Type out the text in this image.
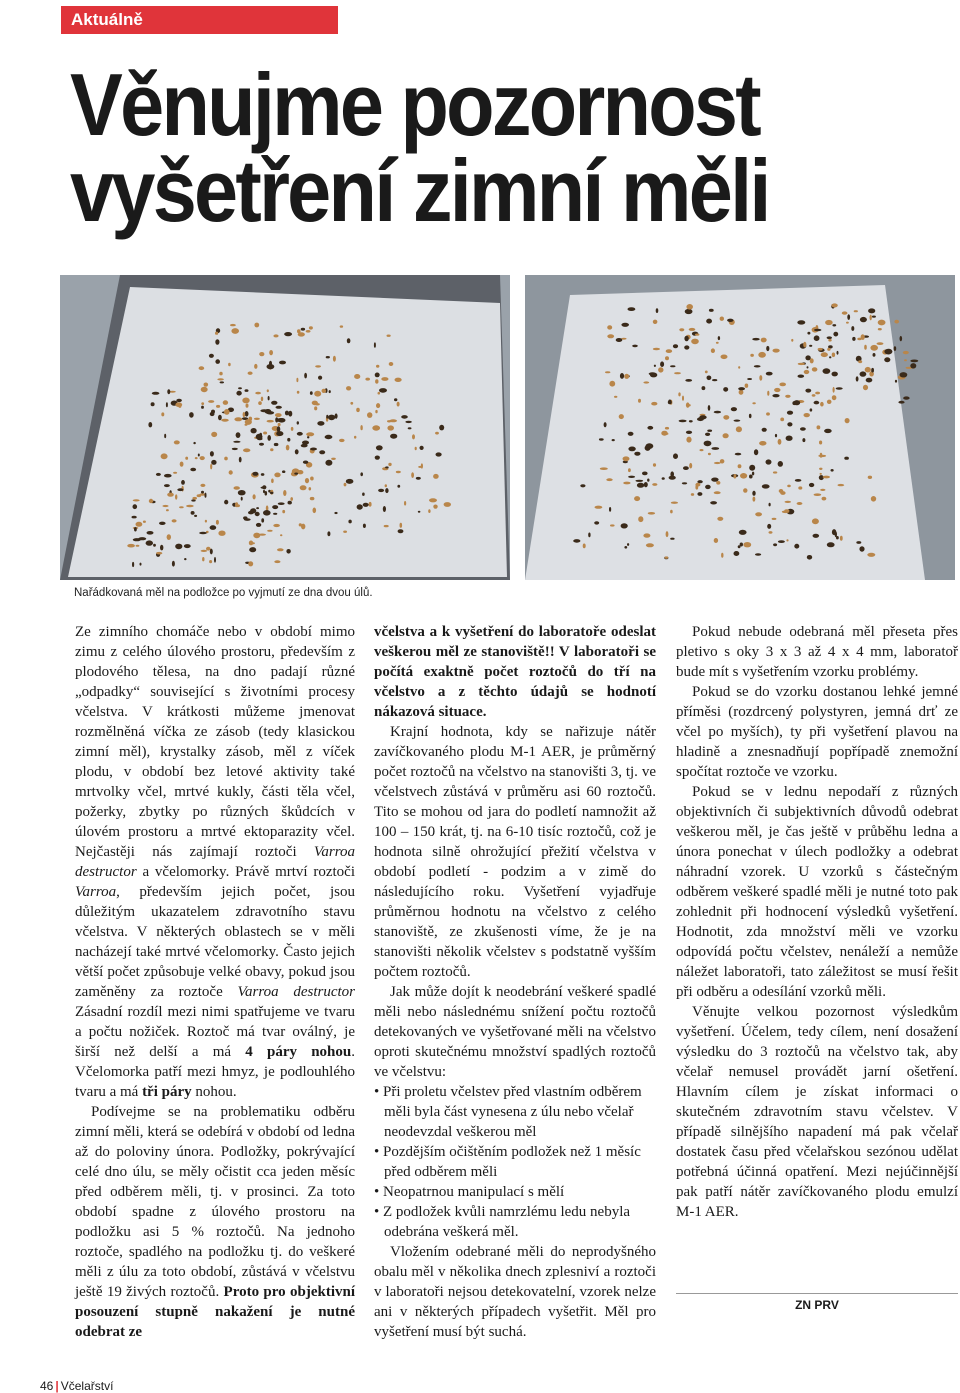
Aktuálně
Věnujme pozornost
vyšetření zimní měli
Nařádkovaná měl na podložce po vyjmutí ze dna dvou úlů.

Ze zimního chomáče nebo v období mimo zimu z celého úlového prostoru, především z plodového tělesa, na dno padají různé „odpadky“ související s životními procesy včelstva. V krátkosti můžeme jmenovat rozmělněná víčka ze zásob (tedy klasickou zimní měl), krystalky zásob, měl z víček plodu, v období bez letové aktivity také mrtvolky včel, mrtvé kukly, části těla včel, požerky, zbytky po různých škůdcích v úlovém prostoru a mrtvé ektoparazity včel. Nejčastěji nás zajímají roztoči Varroa destructor a včelomorky. Právě mrtví roztoči Varroa, především jejich počet, jsou důležitým ukazatelem zdravotního stavu včelstva. V některých oblastech se v měli nacházejí také mrtvé včelomorky. Často jejich větší počet způsobuje velké obavy, pokud jsou zaměněny za roztoče Varroa destructor Zásadní rozdíl mezi nimi spatřujeme ve tvaru a počtu nožiček. Roztoč má tvar oválný, je širší než delší a má 4 páry nohou. Včelomorka patří mezi hmyz, je podlouhlého tvaru a má tři páry nohou.

Podívejme se na problematiku odběru zimní měli, která se odebírá v období od ledna až do poloviny února. Podložky, pokrývající celé dno úlu, se měly očistit cca jeden měsíc před odběrem měli, tj. v prosinci. Za toto období spadne z úlového prostoru na podložku asi 5 % roztočů. Na jednoho roztoče, spadlého na podložku tj. do veškeré měli z úlu za toto období, zůstává v včelstvu ještě 19 živých roztočů. Proto pro objektivní posouzení stupně nakažení je nutné odebrat ze

včelstva a k vyšetření do laboratoře odeslat veškerou měl ze stanoviště!! V laboratoři se počítá exaktně počet roztočů do tří na včelstvo a z těchto údajů se hodnotí nákazová situace.

Krajní hodnota, kdy se nařizuje nátěr zavíčkovaného plodu M-1 AER, je průměrný počet roztočů na včelstvo na stanovišti 3, tj. ve včelstvech zůstává v průměru asi 60 roztočů. Tito se mohou od jara do podletí namnožit až 100 – 150 krát, tj. na 6-10 tisíc roztočů, což je hodnota silně ohrožující přežití včelstva v období podletí - podzim a v zimě do následujícího roku. Vyšetření vyjadřuje průměrnou hodnotu na včelstvo z celého stanoviště, ze zkušenosti víme, že je na stanovišti několik včelstev s podstatně vyšším počtem roztočů.

Jak může dojít k neodebrání veškeré spadlé měli nebo následnému snížení počtu roztočů detekovaných ve vyšetřované měli na včelstvo oproti skutečnému množství spadlých roztočů ve včelstvu:

• Při proletu včelstev před vlastním odběrem měli byla část vynesena z úlu nebo včelař neodevzdal veškerou měl
• Pozdějším očištěním podložek než 1 měsíc před odběrem měli
• Neopatrnou manipulací s mělí
• Z podložek kvůli namrzlému ledu nebyla odebrána veškerá měl.

Vložením odebrané měli do neprodyšného obalu měl v několika dnech zplesniví a roztoči v laboratoři nejsou detekovatelní, vzorek nelze ani v některých případech vyšetřit. Měl pro vyšetření musí být suchá.

Pokud nebude odebraná měl přeseta přes pletivo s oky 3 x 3 až 4 x 4 mm, laboratoř bude mít s vyšetřením vzorku problémy.

Pokud se do vzorku dostanou lehké jemné příměsi (rozdrcený polystyren, jemná drť ze včel po myších), ty při vyšetření plavou na hladině a znesnadňují popřípadě znemožní spočítat roztoče ve vzorku.

Pokud se v lednu nepodaří z různých objektivních či subjektivních důvodů odebrat veškerou měl, je čas ještě v průběhu ledna a února ponechat v úlech podložky a odebrat náhradní vzorek. U vzorků s částečným odběrem veškeré spadlé měli je nutné toto pak zohlednit při hodnocení výsledků vyšetření. Hodnotit, zda množství měli ve vzorku odpovídá počtu včelstev, nenáleží a nemůže náležet laboratoři, tato záležitost se musí řešit při odběru a odesílání vzorků měli.

Věnujte velkou pozornost výsledkům vyšetření. Účelem, tedy cílem, není dosažení výsledku do 3 roztočů na včelstvo tak, aby včelař nemusel provádět jarní ošetření. Hlavním cílem je získat informaci o skutečném zdravotním stavu včelstev. V případě silnějšího napadení má pak včelař dostatek času před včelařskou sezónou udělat potřebná účinná opatření. Mezi nejúčinnější pak patří nátěr zavíčkovaného plodu emulzí M-1 AER.

ZN PRV
46 | Včelařství
